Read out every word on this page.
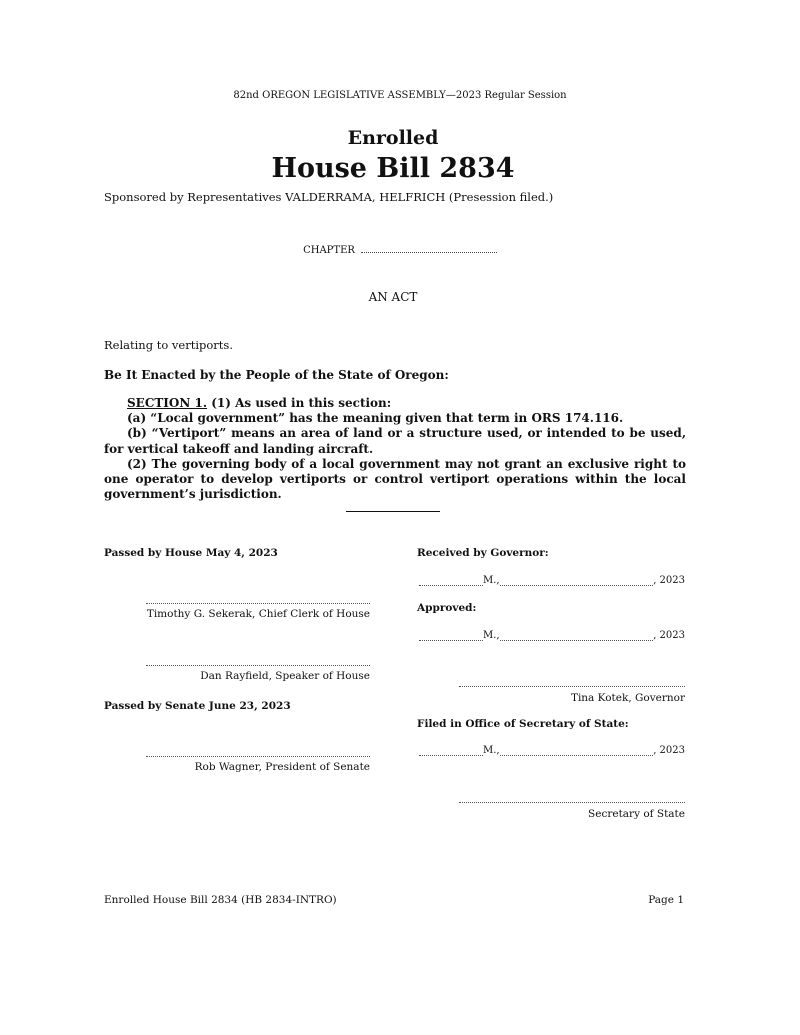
82nd OREGON LEGISLATIVE ASSEMBLY—2023 Regular Session
Enrolled
House Bill 2834
Sponsored by Representatives VALDERRAMA, HELFRICH (Presession filed.)
CHAPTER
AN ACT
Relating to vertiports.
Be It Enacted by the People of the State of Oregon:

SECTION 1. (1) As used in this section:

(a) “Local government” has the meaning given that term in ORS 174.116.

(b) “Vertiport” means an area of land or a structure used, or intended to be used, for vertical takeoff and landing aircraft.

(2) The governing body of a local government may not grant an exclusive right to one operator to develop vertiports or control vertiport operations within the local government’s jurisdiction.

Passed by House May 4, 2023
Timothy G. Sekerak, Chief Clerk of House
Dan Rayfield, Speaker of House
Passed by Senate June 23, 2023
Rob Wagner, President of Senate
Received by Governor:
M.,	, 2023
Approved:
M.,	, 2023
Tina Kotek, Governor
Filed in Office of Secretary of State:
M.,	, 2023
Secretary of State
Enrolled House Bill 2834 (HB 2834-INTRO)	Page 1
